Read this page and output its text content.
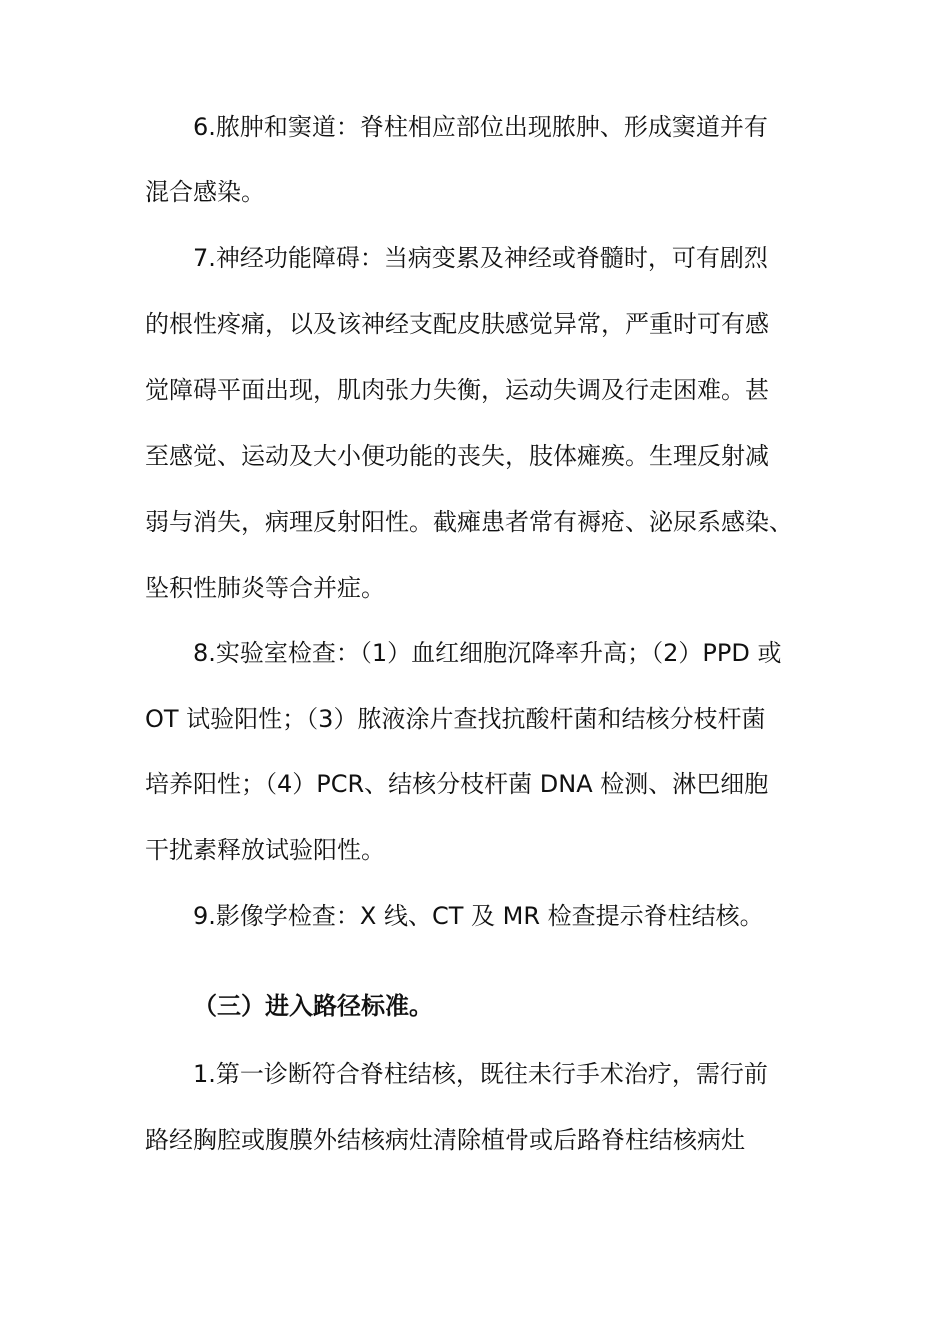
6.脓肿和窦道：脊柱相应部位出现脓肿、形成窦道并有
混合感染。
7.神经功能障碍：当病变累及神经或脊髓时，可有剧烈
的根性疼痛，以及该神经支配皮肤感觉异常，严重时可有感
觉障碍平面出现，肌肉张力失衡，运动失调及行走困难。甚
至感觉、运动及大小便功能的丧失，肢体瘫痪。生理反射减
弱与消失，病理反射阳性。截瘫患者常有褥疮、泌尿系感染、
坠积性肺炎等合并症。
8.实验室检查：（1）血红细胞沉降率升高；（2）PPD 或
OT 试验阳性；（3）脓液涂片查找抗酸杆菌和结核分枝杆菌
培养阳性；（4）PCR、结核分枝杆菌 DNA 检测、淋巴细胞
干扰素释放试验阳性。
9.影像学检查：X 线、CT 及 MR 检查提示脊柱结核。
（三）进入路径标准。
1.第一诊断符合脊柱结核，既往未行手术治疗，需行前
路经胸腔或腹膜外结核病灶清除植骨或后路脊柱结核病灶
